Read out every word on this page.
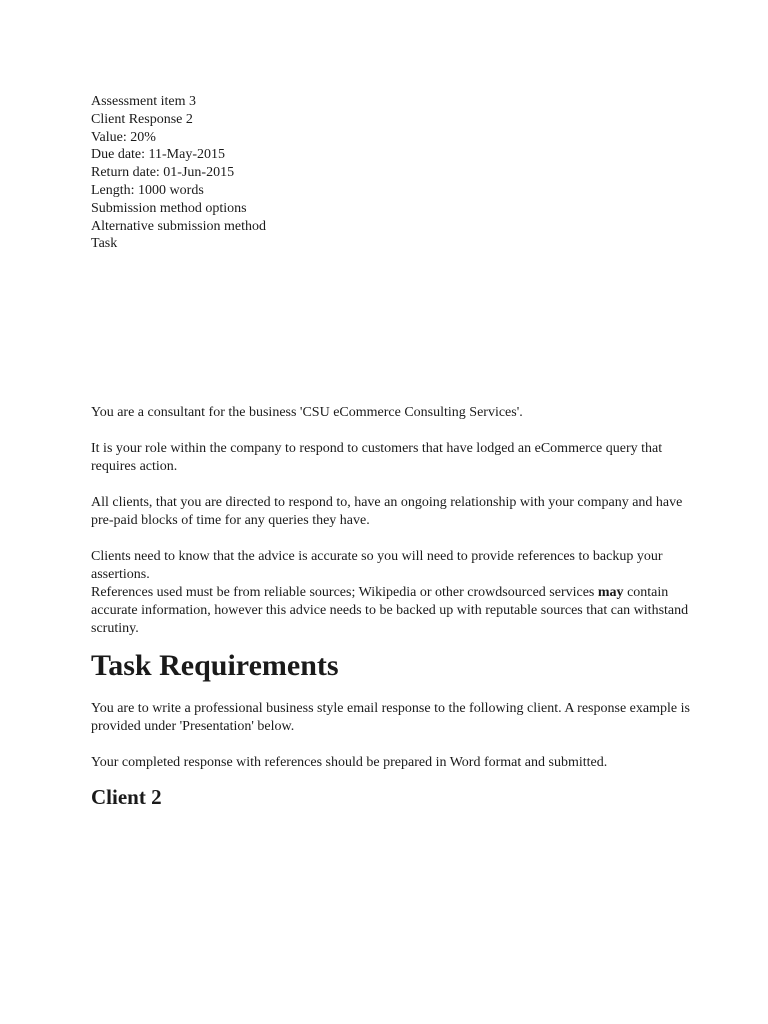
Assessment item 3

Client Response 2

Value: 20%

Due date: 11-May-2015

Return date: 01-Jun-2015

Length: 1000 words

Submission method options

Alternative submission method

Task

You are a consultant for the business 'CSU eCommerce Consulting Services'.

It is your role within the company to respond to customers that have lodged an eCommerce query that requires action.

All clients, that you are directed to respond to, have an ongoing relationship with your company and have pre-paid blocks of time for any queries they have.

Clients need to know that the advice is accurate so you will need to provide references to backup your assertions.

References used must be from reliable sources; Wikipedia or other crowdsourced services may contain accurate information, however this advice needs to be backed up with reputable sources that can withstand scrutiny.

Task Requirements

You are to write a professional business style email response to the following client. A response example is provided under 'Presentation' below.

Your completed response with references should be prepared in Word format and submitted.

Client 2
